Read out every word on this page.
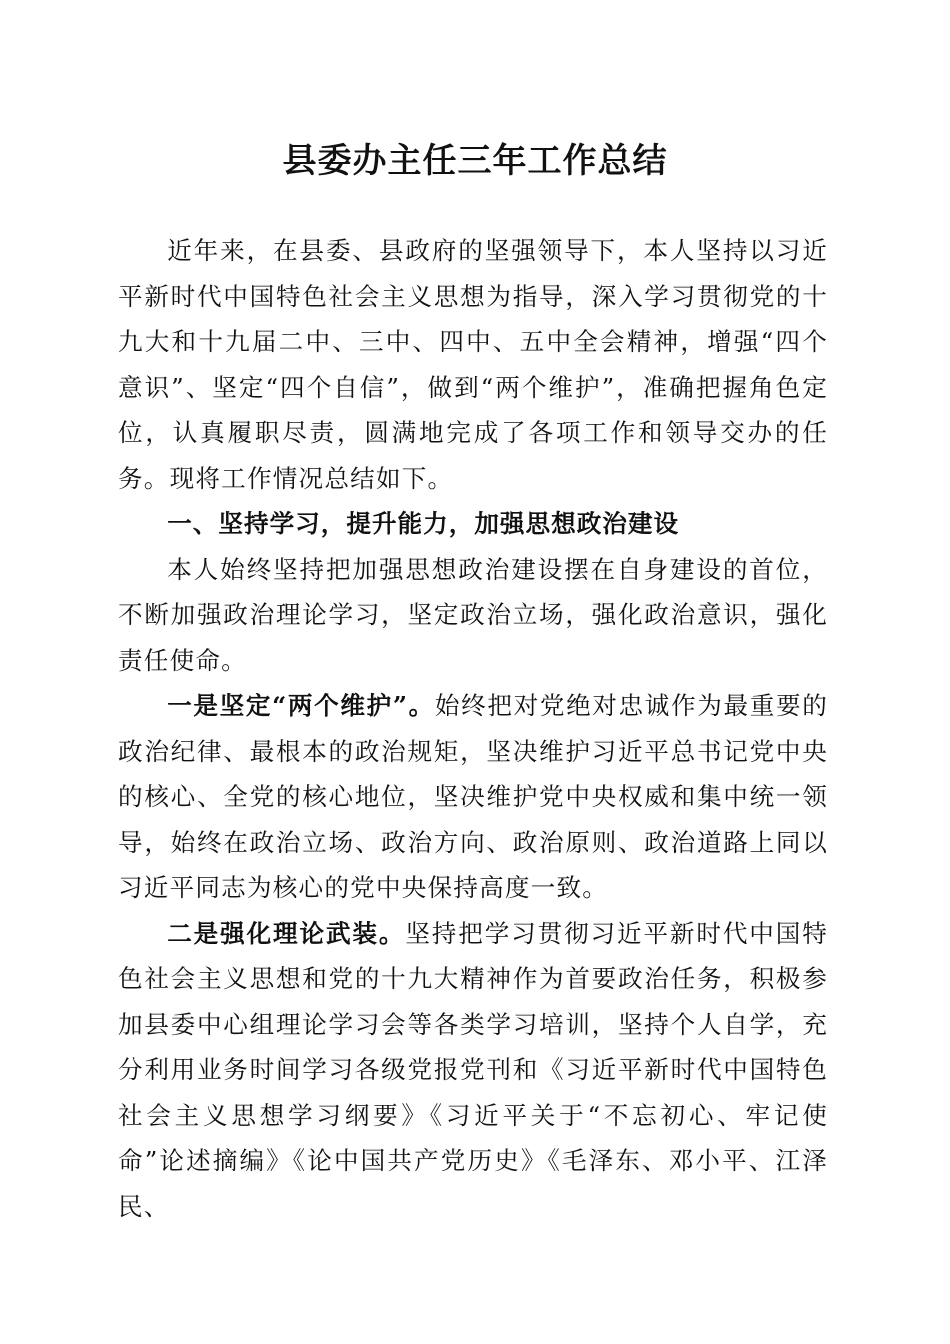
县委办主任三年工作总结

近年来，在县委、县政府的坚强领导下，本人坚持以习近平新时代中国特色社会主义思想为指导，深入学习贯彻党的十九大和十九届二中、三中、四中、五中全会精神，增强“四个意识”、坚定“四个自信”，做到“两个维护”，准确把握角色定位，认真履职尽责，圆满地完成了各项工作和领导交办的任务。现将工作情况总结如下。

一、坚持学习，提升能力，加强思想政治建设

本人始终坚持把加强思想政治建设摆在自身建设的首位，不断加强政治理论学习，坚定政治立场，强化政治意识，强化责任使命。

一是坚定“两个维护”。始终把对党绝对忠诚作为最重要的政治纪律、最根本的政治规矩，坚决维护习近平总书记党中央的核心、全党的核心地位，坚决维护党中央权威和集中统一领导，始终在政治立场、政治方向、政治原则、政治道路上同以习近平同志为核心的党中央保持高度一致。

二是强化理论武装。坚持把学习贯彻习近平新时代中国特色社会主义思想和党的十九大精神作为首要政治任务，积极参加县委中心组理论学习会等各类学习培训，坚持个人自学，充分利用业务时间学习各级党报党刊和《习近平新时代中国特色社会主义思想学习纲要》《习近平关于“不忘初心、牢记使命”论述摘编》《论中国共产党历史》《毛泽东、邓小平、江泽民、
